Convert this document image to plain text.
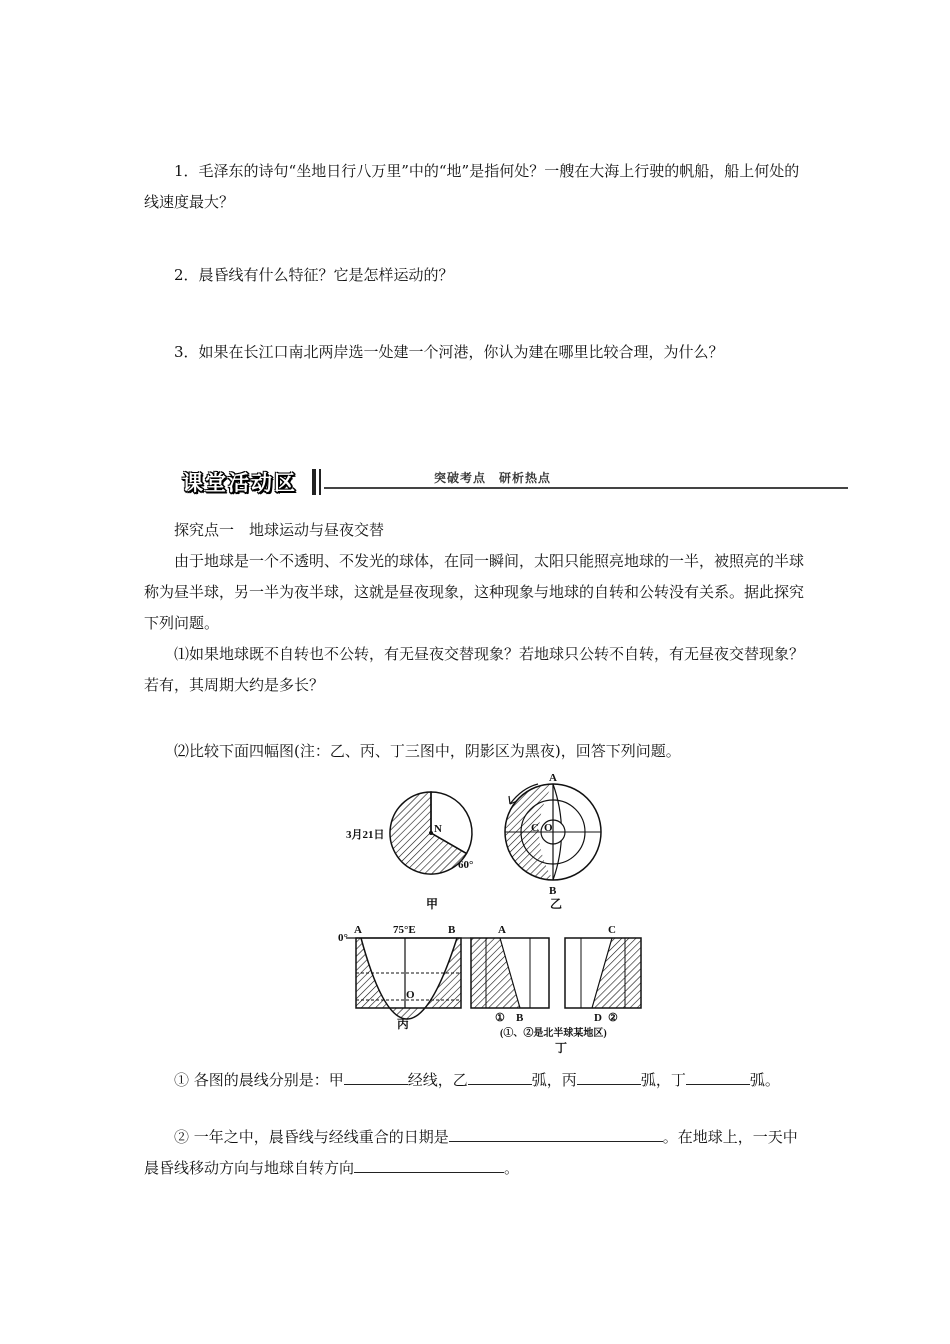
1．毛泽东的诗句“坐地日行八万里”中的“地”是指何处？一艘在大海上行驶的帆船，船上何处的线速度最大？
2．晨昏线有什么特征？它是怎样运动的？
3．如果在长江口南北两岸选一处建一个河港，你认为建在哪里比较合理，为什么？
课堂活动区	突破考点　研析热点
探究点一　地球运动与昼夜交替
由于地球是一个不透明、不发光的球体，在同一瞬间，太阳只能照亮地球的一半，被照亮的半球称为昼半球，另一半为夜半球，这就是昼夜现象，这种现象与地球的自转和公转没有关系。据此探究下列问题。
⑴如果地球既不自转也不公转，有无昼夜交替现象？若地球只公转不自转，有无昼夜交替现象？若有，其周期大约是多长？
⑵比较下面四幅图(注：乙、丙、丁三图中，阴影区为黑夜)，回答下列问题。
3月21日	N
60°
甲
A
B
C O
乙
0°
A	75°E	B
O
丙
A	C
① B	D ②
(①、②是北半球某地区)
丁
① 各图的晨线分别是：甲	经线，乙	弧，丙	弧，丁	弧。
② 一年之中，晨昏线与经线重合的日期是	。在地球上，一天中晨昏线移动方向与地球自转方向	。
